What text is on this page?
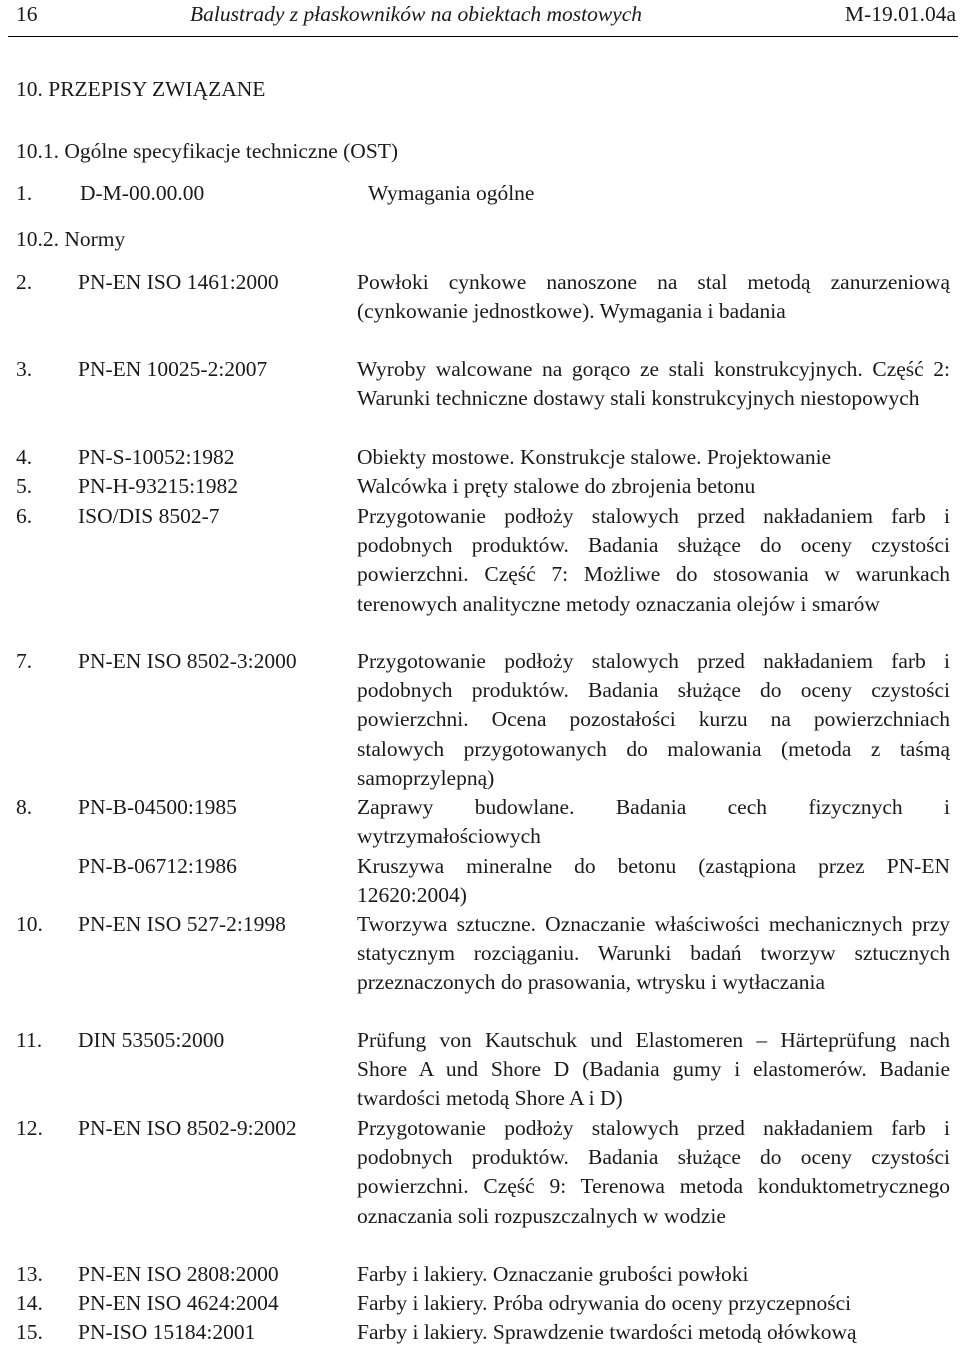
16	Balustrady z płaskowników na obiektach mostowych	M-19.01.04a
10. PRZEPISY ZWIĄZANE
10.1. Ogólne specyfikacje techniczne (OST)
1. D-M-00.00.00	Wymagania ogólne
10.2. Normy
2.	PN-EN ISO 1461:2000	Powłoki cynkowe nanoszone na stal metodą zanurzeniową (cynkowanie jednostkowe). Wymagania i badania
3.	PN-EN 10025-2:2007	Wyroby walcowane na gorąco ze stali konstrukcyjnych. Część 2: Warunki techniczne dostawy stali konstrukcyjnych niestopowych
4.	PN-S-10052:1982	Obiekty mostowe. Konstrukcje stalowe. Projektowanie
5.	PN-H-93215:1982	Walcówka i pręty stalowe do zbrojenia betonu
6.	ISO/DIS 8502-7	Przygotowanie podłoży stalowych przed nakładaniem farb i podobnych produktów. Badania służące do oceny czystości powierzchni. Część 7: Możliwe do stosowania w warunkach terenowych analityczne metody oznaczania olejów i smarów
7.	PN-EN ISO 8502-3:2000	Przygotowanie podłoży stalowych przed nakładaniem farb i podobnych produktów. Badania służące do oceny czystości powierzchni. Ocena pozostałości kurzu na powierzchniach stalowych przygotowanych do malowania (metoda z taśmą samoprzylepną)
8.	PN-B-04500:1985	Zaprawy budowlane. Badania cech fizycznych i wytrzymałościowych
PN-B-06712:1986	Kruszywa mineralne do betonu (zastąpiona przez PN-EN 12620:2004)
10.	PN-EN ISO 527-2:1998	Tworzywa sztuczne. Oznaczanie właściwości mechanicznych przy statycznym rozciąganiu. Warunki badań tworzyw sztucznych przeznaczonych do prasowania, wtrysku i wytłaczania
11.	DIN 53505:2000	Prüfung von Kautschuk und Elastomeren – Härteprüfung nach Shore A und Shore D (Badania gumy i elastomerów. Badanie twardości metodą Shore A i D)
12.	PN-EN ISO 8502-9:2002	Przygotowanie podłoży stalowych przed nakładaniem farb i podobnych produktów. Badania służące do oceny czystości powierzchni. Część 9: Terenowa metoda konduktometrycznego oznaczania soli rozpuszczalnych w wodzie
13.	PN-EN ISO 2808:2000	Farby i lakiery. Oznaczanie grubości powłoki
14.	PN-EN ISO 4624:2004	Farby i lakiery. Próba odrywania do oceny przyczepności
15.	PN-ISO 15184:2001	Farby i lakiery. Sprawdzenie twardości metodą ołówkową
